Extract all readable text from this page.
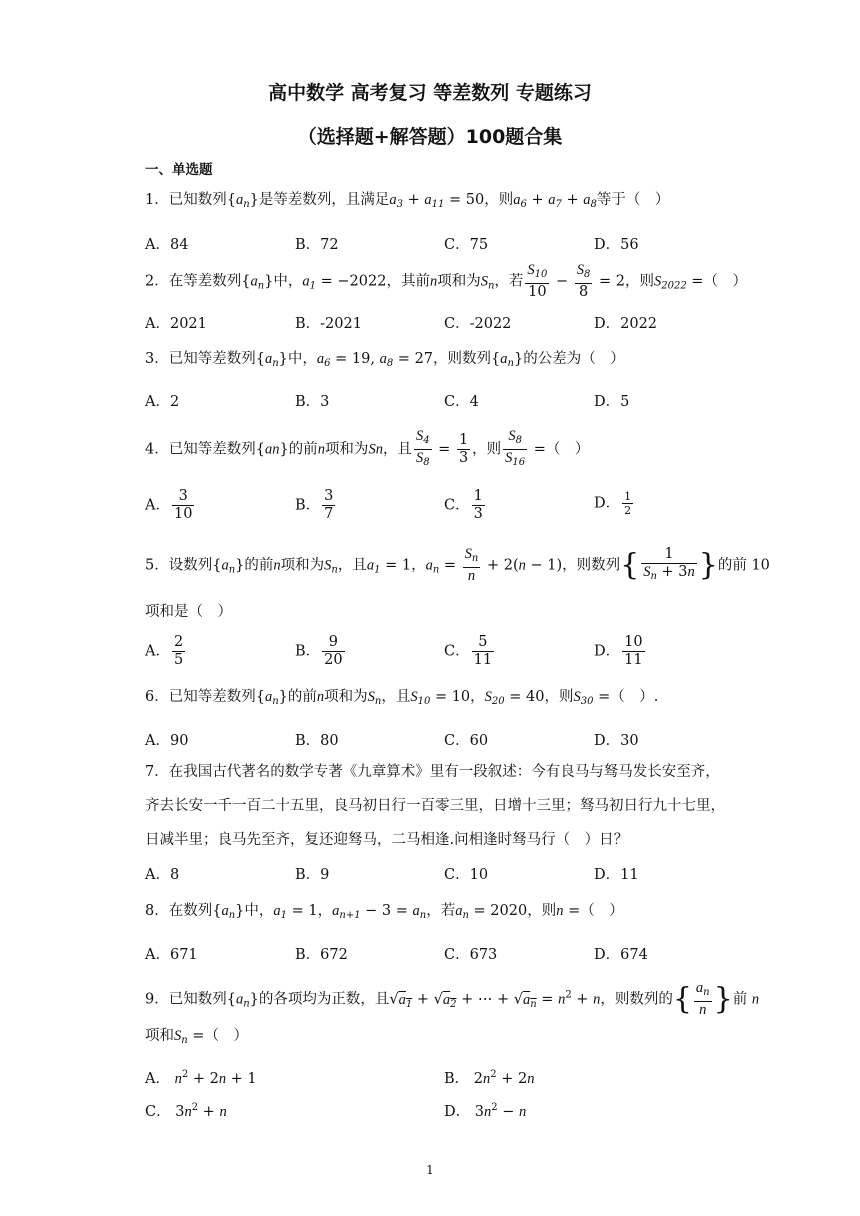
高中数学 高考复习 等差数列 专题练习
（选择题+解答题）100题合集
一、单选题
1．已知数列$\{a_n\}$是等差数列，且满足$a_3 + a_{11} = 50$，则$a_6 + a_7 + a_8$等于（　）
A．84	B．72	C．75	D．56
2．在等差数列$\{a_n\}$中，$a_1 = -2022$，其前n项和为$S_n$，若 $\frac{S_{10}}{10} - \frac{S_8}{8} = 2$，则$S_{2022}$ =（　）
A．2021	B．-2021	C．-2022	D．2022
3．已知等差数列$\{a_n\}$中，$a_6 = 19$, $a_8 = 27$，则数列$\{a_n\}$的公差为（　）
A．2	B．3	C．4	D．5
4．已知等差数列{an}的前n项和为Sn，且 $\frac{S_4}{S_8} = \frac{1}{3}$ ，则 $\frac{S_8}{S_{16}}$ =（　）
A． $\frac{3}{10}$	B． $\frac{3}{7}$	C． $\frac{1}{3}$	D． $\frac{1}{2}$
5．设数列$\{a_n\}$的前n项和为$S_n$，且$a_1 = 1$，$a_n = \frac{S_n}{n} + 2(n - 1)$，则数列{ $\frac{1}{S_n + 3n}$ }的前 10
项和是（　）
A． $\frac{2}{5}$	B． $\frac{9}{20}$	C． $\frac{5}{11}$	D． $\frac{10}{11}$
6．已知等差数列$\{a_n\}$的前n项和为$S_n$，且$S_{10} = 10$，$S_{20} = 40$，则$S_{30}$ =（　）.
A．90	B．80	C．60	D．30
7．在我国古代著名的数学专著《九章算术》里有一段叙述：今有良马与驽马发长安至齐，齐去长安一千一百二十五里，良马初日行一百零三里，日增十三里；驽马初日行九十七里，日减半里；良马先至齐，复还迎驽马，二马相逢.问相逢时驽马行（　）日？
A．8	B．9	C．10	D．11
8．在数列$\{a_n\}$中，$a_1 = 1$，$a_{n+1} - 3 = a_n$，若$a_n = 2020$，则n =（　）
A．671	B．672	C．673	D．674
9．已知数列$\{a_n\}$的各项均为正数，且$√a_1 + √a_2$ + ⋯ + $√a_n = n^2 + n$，则数列的{ $\frac{a_n}{n}$ }前 n
项和$S_n$ =（　）
A． $n^2 + 2n + 1$	B． $2n^2 + 2n$
C． $3n^2 + n$	D． $3n^2 - n$
1
